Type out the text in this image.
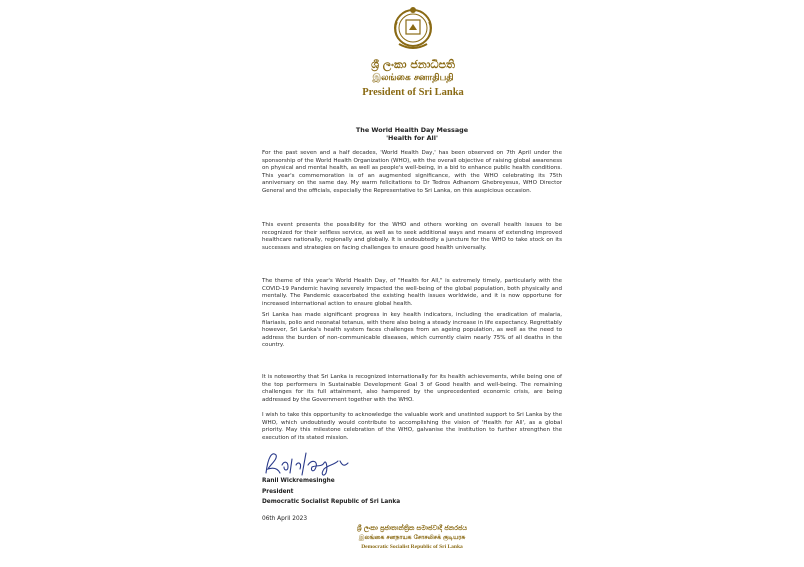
ශ්‍රී ලංකා ජනාධිපති
இலங்கை சனாதிபதி
President of Sri Lanka
The World Health Day Message
'Health for All'
For the past seven and a half decades, 'World Health Day,' has been observed on 7th April under the sponsorship of the World Health Organization (WHO), with the overall objective of raising global awareness on physical and mental health, as well as people's well-being, in a bid to enhance public health conditions. This year's commemoration is of an augmented significance, with the WHO celebrating its 75th anniversary on the same day. My warm felicitations to Dr Tedros Adhanom Ghebreyesus, WHO Director General and the officials, especially the Representative to Sri Lanka, on this auspicious occasion.
This event presents the possibility for the WHO and others working on overall health issues to be recognized for their selfless service, as well as to seek additional ways and means of extending improved healthcare nationally, regionally and globally. It is undoubtedly a juncture for the WHO to take stock on its successes and strategies on facing challenges to ensure good health universally.
The theme of this year's World Health Day, of "Health for All," is extremely timely, particularly with the COVID-19 Pandemic having severely impacted the well-being of the global population, both physically and mentally. The Pandemic exacerbated the existing health issues worldwide, and it is now opportune for increased international action to ensure global health.
Sri Lanka has made significant progress in key health indicators, including the eradication of malaria, filariasis, polio and neonatal tetanus, with there also being a steady increase in life expectancy. Regrettably however, Sri Lanka's health system faces challenges from an ageing population, as well as the need to address the burden of non-communicable diseases, which currently claim nearly 75% of all deaths in the country.
It is noteworthy that Sri Lanka is recognized internationally for its health achievements, while being one of the top performers in Sustainable Development Goal 3 of Good health and well-being. The remaining challenges for its full attainment, also hampered by the unprecedented economic crisis, are being addressed by the Government together with the WHO.
I wish to take this opportunity to acknowledge the valuable work and unstinted support to Sri Lanka by the WHO, which undoubtedly would contribute to accomplishing the vision of 'Health for All', as a global priority. May this milestone celebration of the WHO, galvanise the institution to further strengthen the execution of its stated mission.
Ranil Wickremesinghe
President
Democratic Socialist Republic of Sri Lanka
06th April 2023
ශ්‍රී ලංකා ප්‍රජාතාන්ත්‍රික සමාජවාදී ජනරජය
இலங்கை சனநாயக சோசலிசக் குடியரசு
Democratic Socialist Republic of Sri Lanka
